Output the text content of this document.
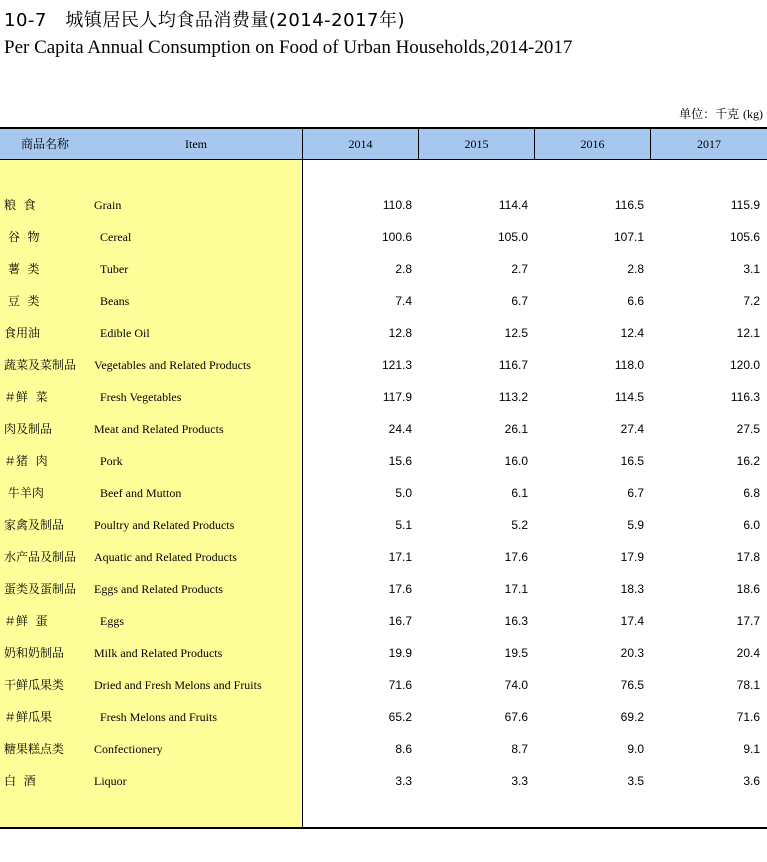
10-7　城镇居民人均食品消费量(2014-2017年)
Per Capita Annual Consumption on Food of Urban Households,2014-2017
单位：千克 (kg)
商品名称	Item	2014	2015	2016	2017
粮  食	Grain	110.8	114.4	116.5	115.9
谷  物	Cereal	100.6	105.0	107.1	105.6
薯  类	Tuber	2.8	2.7	2.8	3.1
豆  类	Beans	7.4	6.7	6.6	7.2
食用油	Edible Oil	12.8	12.5	12.4	12.1
蔬菜及菜制品 Vegetables and Related Products	121.3	116.7	118.0	120.0
＃鲜  菜	Fresh Vegetables	117.9	113.2	114.5	116.3
肉及制品	Meat and Related Products	24.4	26.1	27.4	27.5
＃猪  肉	Pork	15.6	16.0	16.5	16.2
牛羊肉	Beef and Mutton	5.0	6.1	6.7	6.8
家禽及制品 Poultry and Related Products	5.1	5.2	5.9	6.0
水产品及制品 Aquatic and Related Products	17.1	17.6	17.9	17.8
蛋类及蛋制品 Eggs and Related Products	17.6	17.1	18.3	18.6
＃鲜  蛋	Eggs	16.7	16.3	17.4	17.7
奶和奶制品 Milk and Related Products	19.9	19.5	20.3	20.4
干鲜瓜果类 Dried and Fresh Melons and Fruits	71.6	74.0	76.5	78.1
＃鲜瓜果	Fresh Melons and Fruits	65.2	67.6	69.2	71.6
糖果糕点类 Confectionery	8.6	8.7	9.0	9.1
白  酒	Liquor	3.3	3.3	3.5	3.6
